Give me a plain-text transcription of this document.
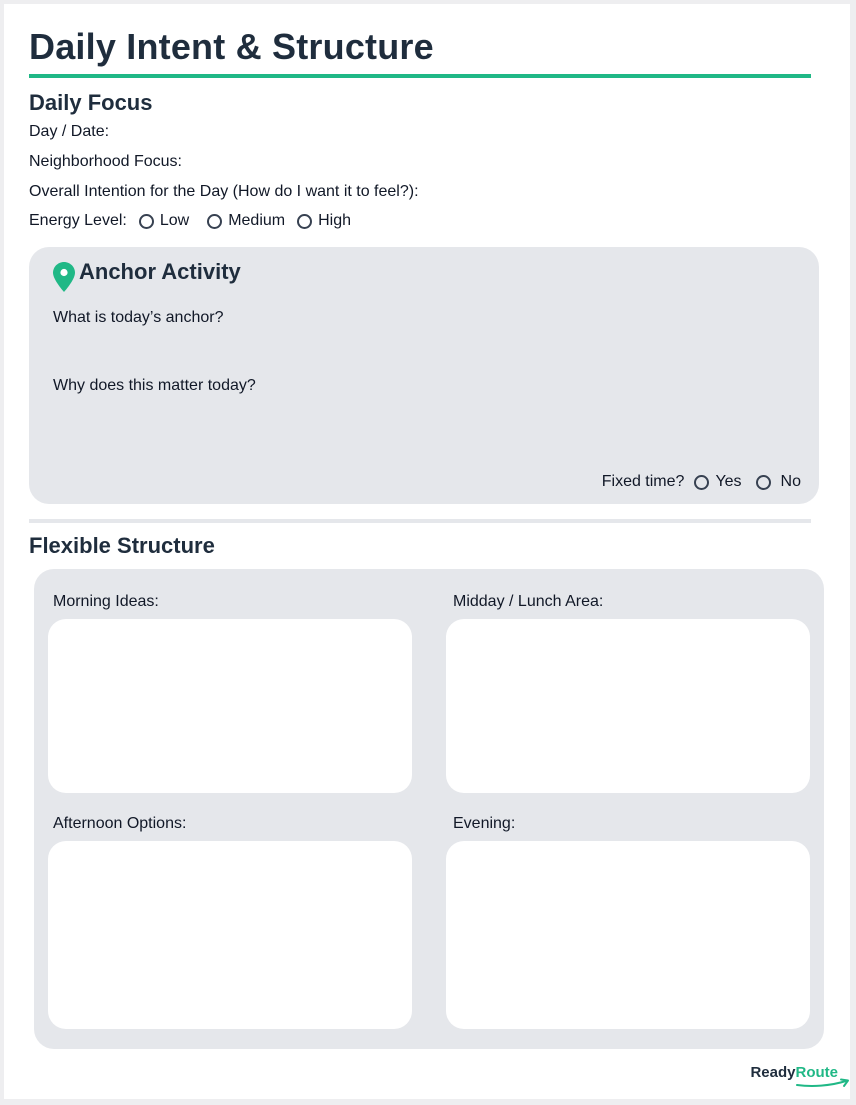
Daily Intent & Structure
Daily Focus
Day / Date:
Neighborhood Focus:
Overall Intention for the Day (How do I want it to feel?):
Energy Level: Low Medium High
Anchor Activity
What is today’s anchor?
Why does this matter today?
Fixed time? Yes No
Flexible Structure
Morning Ideas:	Midday / Lunch Area:
Afternoon Options:	Evening:
Ready Route
